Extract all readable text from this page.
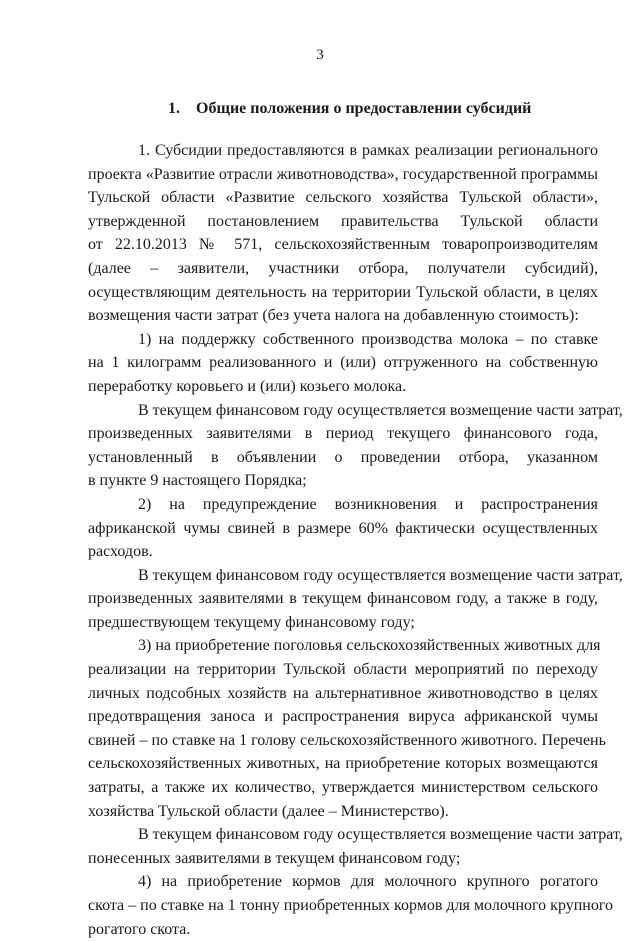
3
1. Общие положения о предоставлении субсидий

1. Субсидии предоставляются в рамках реализации регионального
проекта «Развитие отрасли животноводства», государственной программы
Тульской области «Развитие сельского хозяйства Тульской области»,
утвержденной постановлением правительства Тульской области
от 22.10.2013 № 571, сельскохозяйственным товаропроизводителям
(далее – заявители, участники отбора, получатели субсидий),
осуществляющим деятельность на территории Тульской области, в целях
возмещения части затрат (без учета налога на добавленную стоимость):

1) на поддержку собственного производства молока – по ставке
на 1 килограмм реализованного и (или) отгруженного на собственную
переработку коровьего и (или) козьего молока.

В текущем финансовом году осуществляется возмещение части затрат,
произведенных заявителями в период текущего финансового года,
установленный в объявлении о проведении отбора, указанном
в пункте 9 настоящего Порядка;

2) на предупреждение возникновения и распространения
африканской чумы свиней в размере 60% фактически осуществленных
расходов.

В текущем финансовом году осуществляется возмещение части затрат,
произведенных заявителями в текущем финансовом году, а также в году,
предшествующем текущему финансовому году;

3) на приобретение поголовья сельскохозяйственных животных для
реализации на территории Тульской области мероприятий по переходу
личных подсобных хозяйств на альтернативное животноводство в целях
предотвращения заноса и распространения вируса африканской чумы
свиней – по ставке на 1 голову сельскохозяйственного животного. Перечень
сельскохозяйственных животных, на приобретение которых возмещаются
затраты, а также их количество, утверждается министерством сельского
хозяйства Тульской области (далее – Министерство).

В текущем финансовом году осуществляется возмещение части затрат,
понесенных заявителями в текущем финансовом году;

4) на приобретение кормов для молочного крупного рогатого
скота – по ставке на 1 тонну приобретенных кормов для молочного крупного
рогатого скота.
